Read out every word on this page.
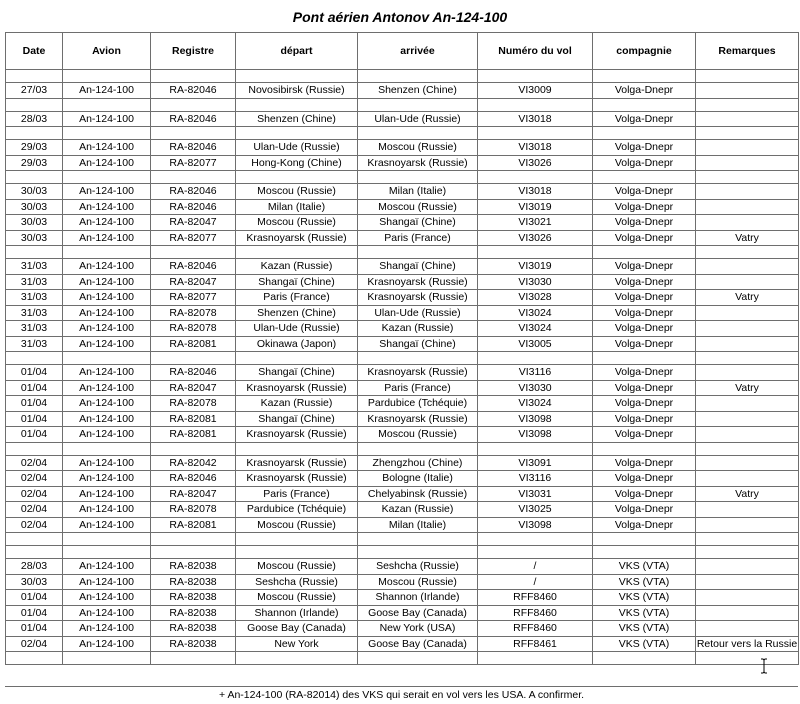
Pont aérien Antonov An-124-100
Date	Avion	Registre	départ	arrivée	Numéro du vol	compagnie	Remarques

27/03	An-124-100	RA-82046	Novosibirsk (Russie)	Shenzen (Chine)	VI3009	Volga-Dnepr	

28/03	An-124-100	RA-82046	Shenzen (Chine)	Ulan-Ude (Russie)	VI3018	Volga-Dnepr	

29/03	An-124-100	RA-82046	Ulan-Ude (Russie)	Moscou (Russie)	VI3018	Volga-Dnepr	
29/03	An-124-100	RA-82077	Hong-Kong (Chine)	Krasnoyarsk (Russie)	VI3026	Volga-Dnepr	

30/03	An-124-100	RA-82046	Moscou (Russie)	Milan (Italie)	VI3018	Volga-Dnepr	
30/03	An-124-100	RA-82046	Milan (Italie)	Moscou (Russie)	VI3019	Volga-Dnepr	
30/03	An-124-100	RA-82047	Moscou (Russie)	Shangaï (Chine)	VI3021	Volga-Dnepr	
30/03	An-124-100	RA-82077	Krasnoyarsk (Russie)	Paris (France)	VI3026	Volga-Dnepr	Vatry

31/03	An-124-100	RA-82046	Kazan (Russie)	Shangaï (Chine)	VI3019	Volga-Dnepr	
31/03	An-124-100	RA-82047	Shangaï (Chine)	Krasnoyarsk (Russie)	VI3030	Volga-Dnepr	
31/03	An-124-100	RA-82077	Paris (France)	Krasnoyarsk (Russie)	VI3028	Volga-Dnepr	Vatry
31/03	An-124-100	RA-82078	Shenzen (Chine)	Ulan-Ude (Russie)	VI3024	Volga-Dnepr	
31/03	An-124-100	RA-82078	Ulan-Ude (Russie)	Kazan (Russie)	VI3024	Volga-Dnepr	
31/03	An-124-100	RA-82081	Okinawa (Japon)	Shangaï (Chine)	VI3005	Volga-Dnepr	

01/04	An-124-100	RA-82046	Shangaï (Chine)	Krasnoyarsk (Russie)	VI3116	Volga-Dnepr	
01/04	An-124-100	RA-82047	Krasnoyarsk (Russie)	Paris (France)	VI3030	Volga-Dnepr	Vatry
01/04	An-124-100	RA-82078	Kazan (Russie)	Pardubice (Tchéquie)	VI3024	Volga-Dnepr	
01/04	An-124-100	RA-82081	Shangaï (Chine)	Krasnoyarsk (Russie)	VI3098	Volga-Dnepr	
01/04	An-124-100	RA-82081	Krasnoyarsk (Russie)	Moscou (Russie)	VI3098	Volga-Dnepr	

02/04	An-124-100	RA-82042	Krasnoyarsk (Russie)	Zhengzhou (Chine)	VI3091	Volga-Dnepr	
02/04	An-124-100	RA-82046	Krasnoyarsk (Russie)	Bologne (Italie)	VI3116	Volga-Dnepr	
02/04	An-124-100	RA-82047	Paris (France)	Chelyabinsk (Russie)	VI3031	Volga-Dnepr	Vatry
02/04	An-124-100	RA-82078	Pardubice (Tchéquie)	Kazan (Russie)	VI3025	Volga-Dnepr	
02/04	An-124-100	RA-82081	Moscou (Russie)	Milan (Italie)	VI3098	Volga-Dnepr	

28/03	An-124-100	RA-82038	Moscou (Russie)	Seshcha (Russie)	/	VKS (VTA)	
30/03	An-124-100	RA-82038	Seshcha (Russie)	Moscou (Russie)	/	VKS (VTA)	
01/04	An-124-100	RA-82038	Moscou (Russie)	Shannon (Irlande)	RFF8460	VKS (VTA)	
01/04	An-124-100	RA-82038	Shannon (Irlande)	Goose Bay (Canada)	RFF8460	VKS (VTA)	
01/04	An-124-100	RA-82038	Goose Bay (Canada)	New York (USA)	RFF8460	VKS (VTA)	
02/04	An-124-100	RA-82038	New York	Goose Bay (Canada)	RFF8461	VKS (VTA)	Retour vers la Russie

+ An-124-100 (RA-82014) des VKS qui serait en vol vers les USA. A confirmer.
